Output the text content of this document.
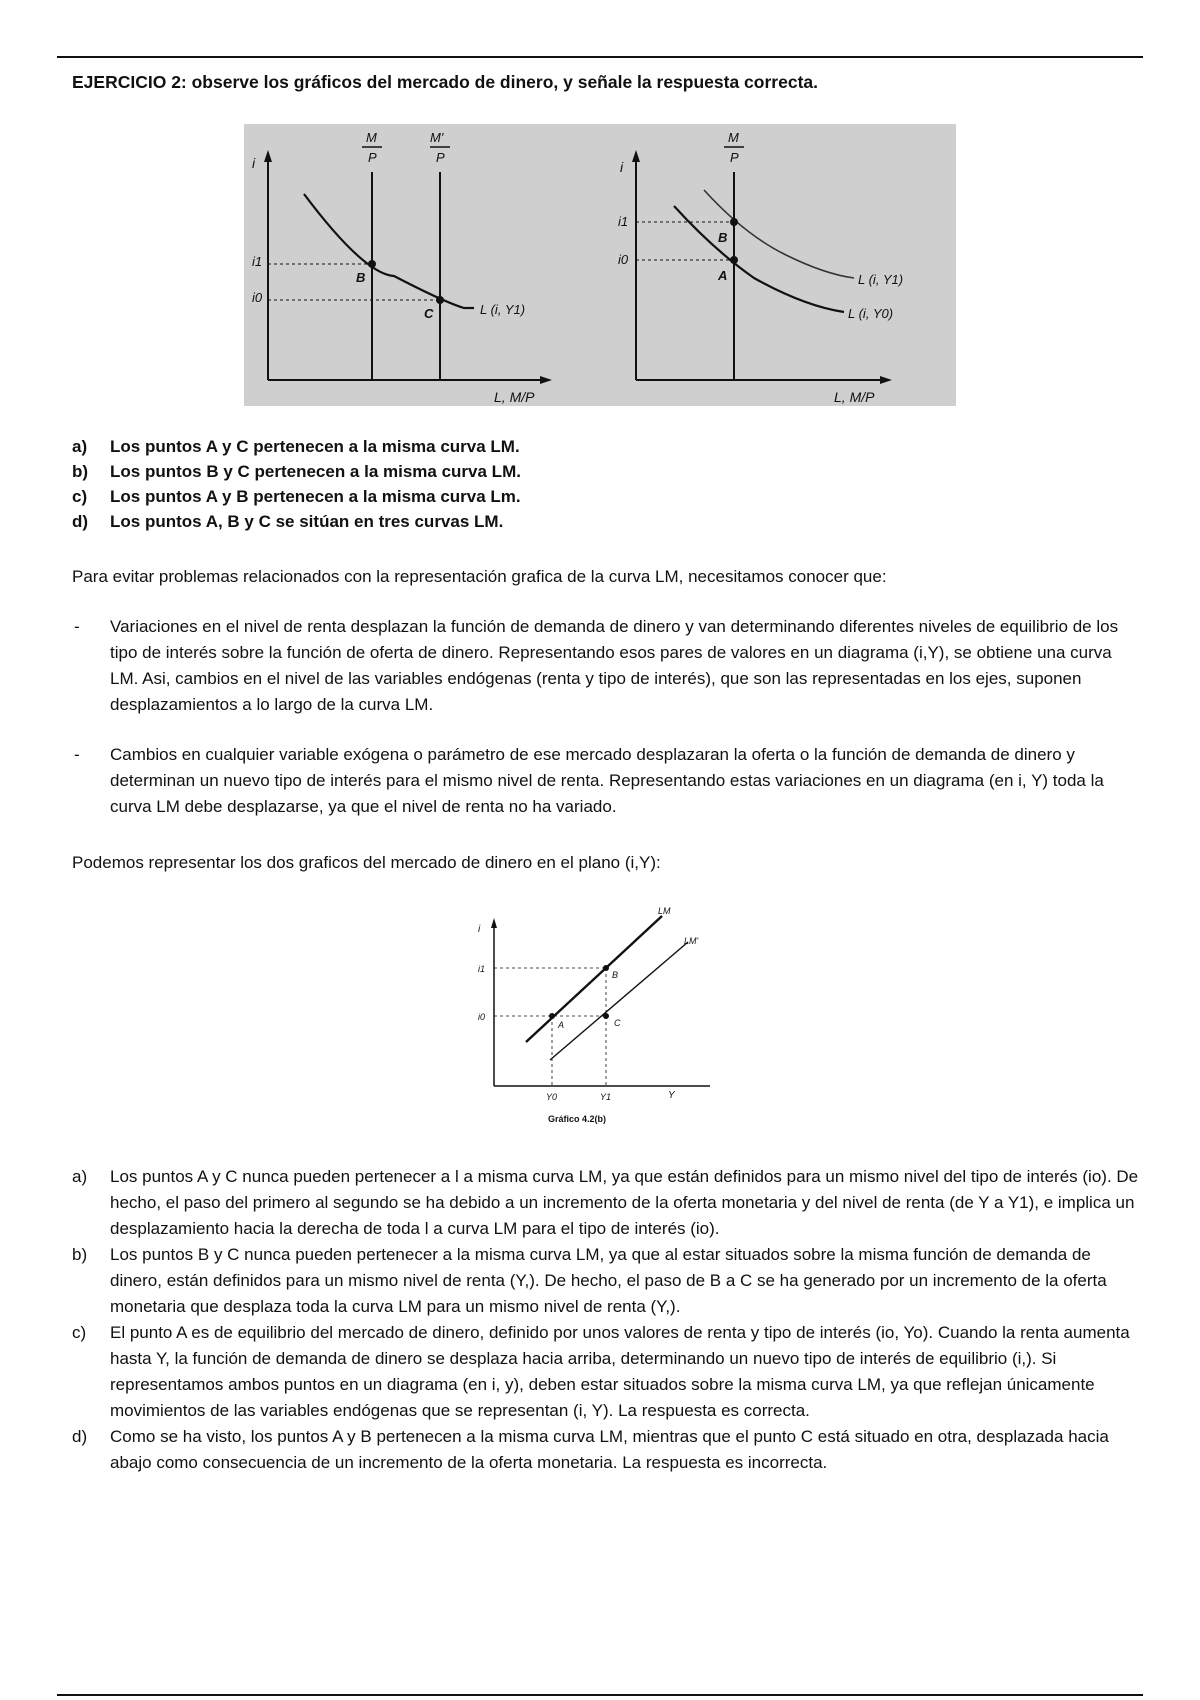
EJERCICIO 2: observe los gráficos del mercado de dinero, y señale la respuesta correcta.
i
L, M/P
M
P
M'
P
i1
i0
B
C	L (i, Y1)
i
L, M/P
M
P
i1
i0
B
A	L (i, Y1)
L (i, Y0)
a) Los puntos A y C pertenecen a la misma curva LM.
b) Los puntos B y C pertenecen a la misma curva LM.
c) Los puntos A y B pertenecen a la misma curva Lm.
d) Los puntos A, B y C se sitúan en tres curvas LM.
Para evitar problemas relacionados con la representación grafica de la curva LM, necesitamos conocer que:
- Variaciones en el nivel de renta desplazan la función de demanda de dinero y van determinando diferentes niveles de equilibrio de los tipo de interés sobre la función de oferta de dinero. Representando esos pares de valores en un diagrama (i,Y), se obtiene una curva LM. Asi, cambios en el nivel de las variables endógenas (renta y tipo de interés), que son las representadas en los ejes, suponen desplazamientos a lo largo de la curva LM.
- Cambios en cualquier variable exógena o parámetro de ese mercado desplazaran la oferta o la función de demanda de dinero y determinan un nuevo tipo de interés para el mismo nivel de renta. Representando estas variaciones en un diagrama (en i, Y) toda la curva LM debe desplazarse, ya que el nivel de renta no ha variado.
Podemos representar los dos graficos del mercado de dinero en el plano (i,Y):
i
Y
LM
LM'
A
B
C
i1
i0
Y0	Y1
Gráfico 4.2(b)
a) Los puntos A y C nunca pueden pertenecer a l a misma curva LM, ya que están definidos para un mismo nivel del tipo de interés (io). De hecho, el paso del primero al segundo se ha debido a un incremento de la oferta monetaria y del nivel de renta (de Y a Y1), e implica un desplazamiento hacia la derecha de toda l a curva LM para el tipo de interés (io).
b) Los puntos B y C nunca pueden pertenecer a la misma curva LM, ya que al estar situados sobre la misma función de demanda de dinero, están definidos para un mismo nivel de renta (Y,). De hecho, el paso de B a C se ha generado por un incremento de la oferta monetaria que desplaza toda la curva LM para un mismo nivel de renta (Y,).
c) El punto A es de equilibrio del mercado de dinero, definido por unos valores de renta y tipo de interés (io, Yo). Cuando la renta aumenta hasta Y, la función de demanda de dinero se desplaza hacia arriba, determinando un nuevo tipo de interés de equilibrio (i,). Si representamos ambos puntos en un diagrama (en i, y), deben estar situados sobre la misma curva LM, ya que reflejan únicamente movimientos de las variables endógenas que se representan (i, Y). La respuesta es correcta.
d) Como se ha visto, los puntos A y B pertenecen a la misma curva LM, mientras que el punto C está situado en otra, desplazada hacia abajo como consecuencia de un incremento de la oferta monetaria. La respuesta es incorrecta.
